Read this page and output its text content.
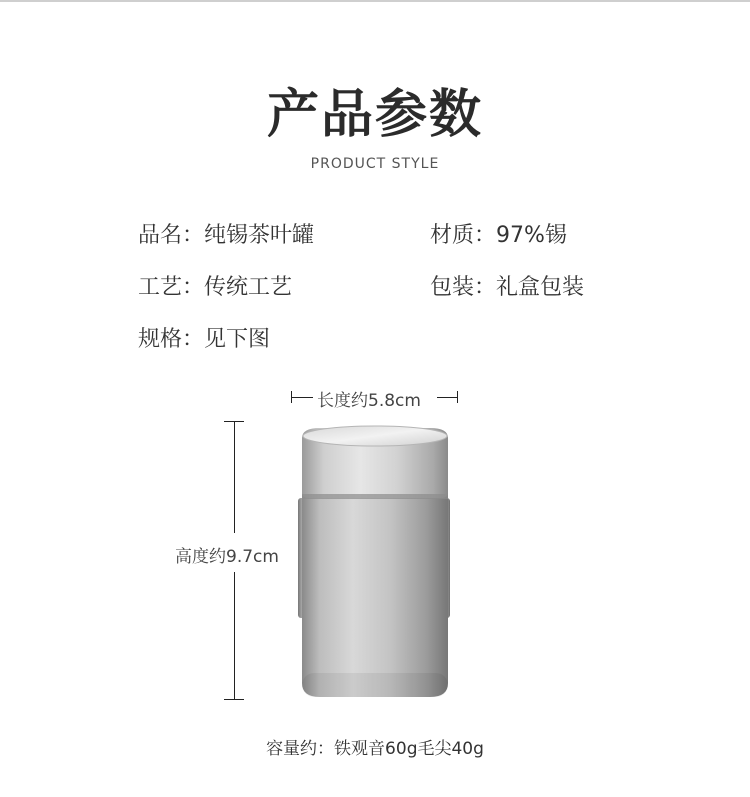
产品参数
PRODUCT STYLE
品名：纯锡茶叶罐	材质：97%锡
工艺：传统工艺	包装：礼盒包装
规格：见下图
长度约5.8cm
高度约9.7cm
容量约：铁观音60g毛尖40g
